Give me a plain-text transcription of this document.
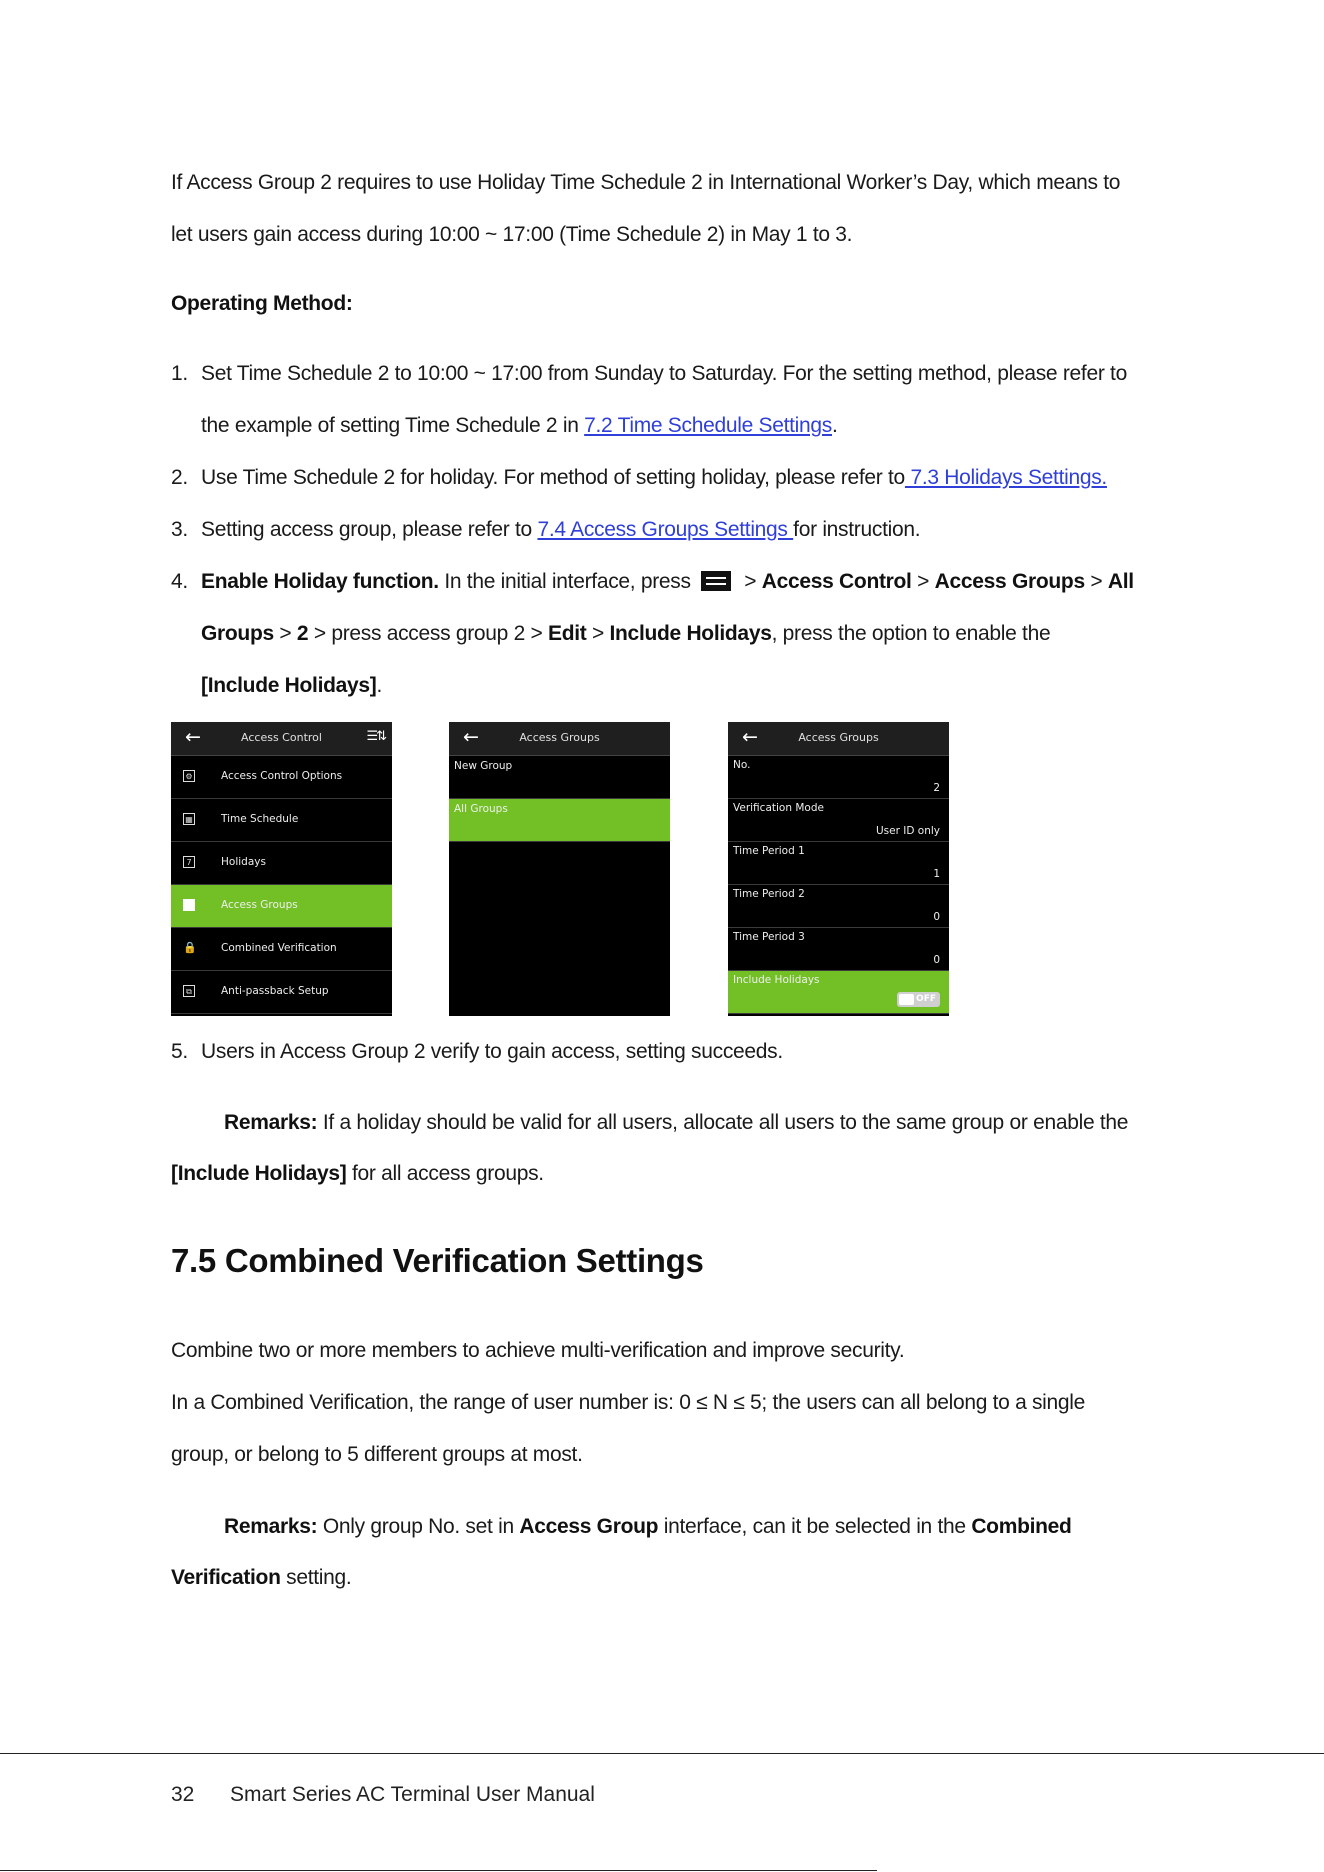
If Access Group 2 requires to use Holiday Time Schedule 2 in International Worker’s Day, which means to

let users gain access during 10:00 ~ 17:00 (Time Schedule 2) in May 1 to 3.

Operating Method:

1. Set Time Schedule 2 to 10:00 ~ 17:00 from Sunday to Saturday. For the setting method, please refer to

the example of setting Time Schedule 2 in 7.2 Time Schedule Settings.

2. Use Time Schedule 2 for holiday. For method of setting holiday, please refer to 7.3 Holidays Settings.

3. Setting access group, please refer to 7.4 Access Groups Settings for instruction.

4. Enable Holiday function. In the initial interface, press > Access Control > Access Groups > All

Groups > 2 > press access group 2 > Edit > Include Holidays, press the option to enable the

[Include Holidays].

←	Access Control	☰⇅
⚙	Access Control Options
▦	Time Schedule
7	Holidays
Access Groups
🔒 Combined Verification
⧉	Anti-passback Setup
←	Access Groups
New Group
All Groups
←	Access Groups
No.
2
Verification Mode
User ID only
Time Period 1
1
Time Period 2
0
Time Period 3
0
Include Holidays
OFF

5. Users in Access Group 2 verify to gain access, setting succeeds.

Remarks: If a holiday should be valid for all users, allocate all users to the same group or enable the

[Include Holidays] for all access groups.

7.5 Combined Verification Settings

Combine two or more members to achieve multi-verification and improve security.

In a Combined Verification, the range of user number is: 0 ≤ N ≤ 5; the users can all belong to a single

group, or belong to 5 different groups at most.

Remarks: Only group No. set in Access Group interface, can it be selected in the Combined

Verification setting.

32 Smart Series AC Terminal User Manual
